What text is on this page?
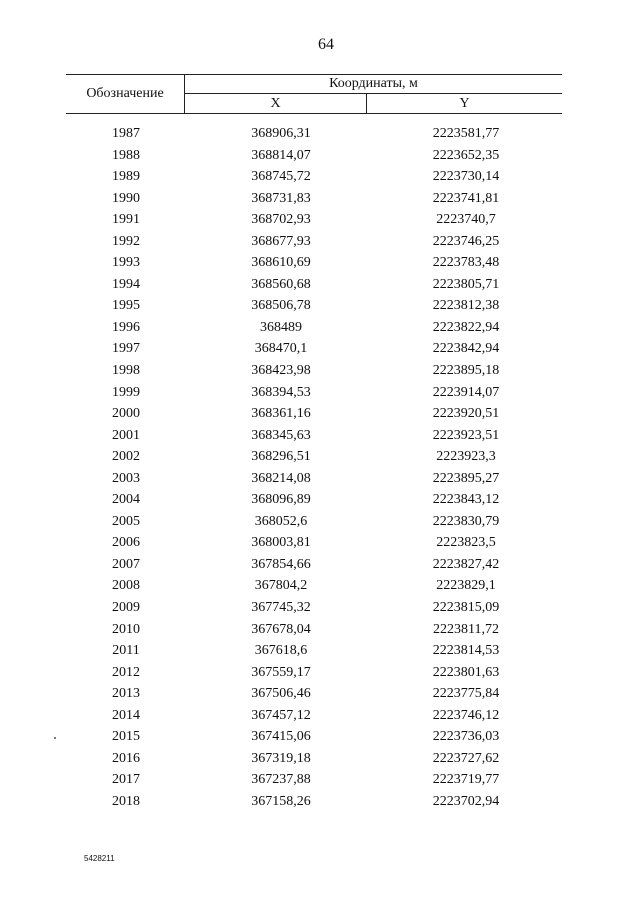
64
Обозначение
Координаты, м
X	Y
1987	368906,31	2223581,77
1988	368814,07	2223652,35
1989	368745,72	2223730,14
1990	368731,83	2223741,81
1991	368702,93	2223740,7
1992	368677,93	2223746,25
1993	368610,69	2223783,48
1994	368560,68	2223805,71
1995	368506,78	2223812,38
1996	368489	2223822,94
1997	368470,1	2223842,94
1998	368423,98	2223895,18
1999	368394,53	2223914,07
2000	368361,16	2223920,51
2001	368345,63	2223923,51
2002	368296,51	2223923,3
2003	368214,08	2223895,27
2004	368096,89	2223843,12
2005	368052,6	2223830,79
2006	368003,81	2223823,5
2007	367854,66	2223827,42
2008	367804,2	2223829,1
2009	367745,32	2223815,09
2010	367678,04	2223811,72
2011	367618,6	2223814,53
2012	367559,17	2223801,63
2013	367506,46	2223775,84
2014	367457,12	2223746,12
2015	367415,06	2223736,03
2016	367319,18	2223727,62
2017	367237,88	2223719,77
2018	367158,26	2223702,94
5428211
